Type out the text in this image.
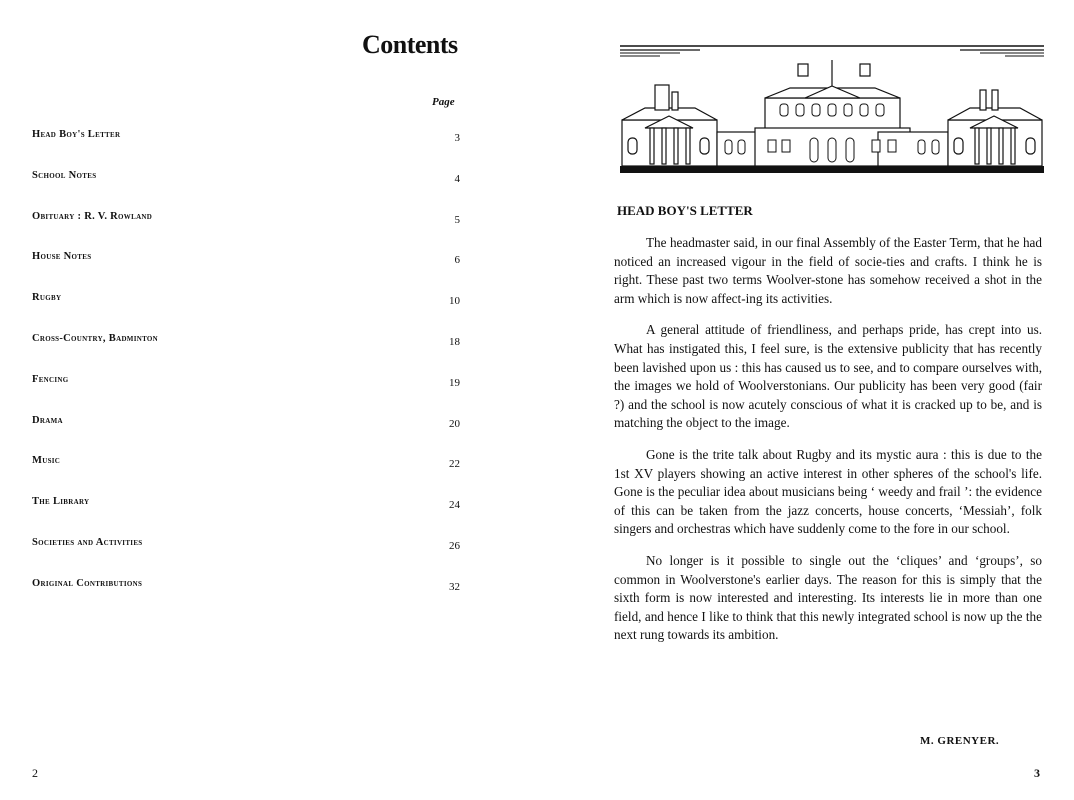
Contents
Page
Head Boy's Letter	3
School Notes	4
Obituary : R. V. Rowland	5
House Notes	6
Rugby	10
Cross-Country, Badminton	18
Fencing	19
Drama	20
Music	22
The Library	24
Societies and Activities	26
Original Contributions	32
2
HEAD BOY'S LETTER

The headmaster said, in our final Assembly of the Easter Term, that he had noticed an increased vigour in the field of socie-ties and crafts. I think he is right. These past two terms Woolver-stone has somehow received a shot in the arm which is now affect-ing its activities.

A general attitude of friendliness, and perhaps pride, has crept into us. What has instigated this, I feel sure, is the extensive publicity that has recently been lavished upon us : this has caused us to see, and to compare ourselves with, the images we hold of Woolverstonians. Our publicity has been very good (fair ?) and the school is now acutely conscious of what it is cracked up to be, and is matching the object to the image.

Gone is the trite talk about Rugby and its mystic aura : this is due to the 1st XV players showing an active interest in other spheres of the school's life. Gone is the peculiar idea about musicians being ‘ weedy and frail ’: the evidence of this can be taken from the jazz concerts, house concerts, ‘Messiah’, folk singers and orchestras which have suddenly come to the fore in our school.

No longer is it possible to single out the ‘cliques’ and ‘groups’, so common in Woolverstone's earlier days. The reason for this is simply that the sixth form is now interested and interesting. Its interests lie in more than one field, and hence I like to think that this newly integrated school is now up the the next rung towards its ambition.

M. GRENYER.
3
